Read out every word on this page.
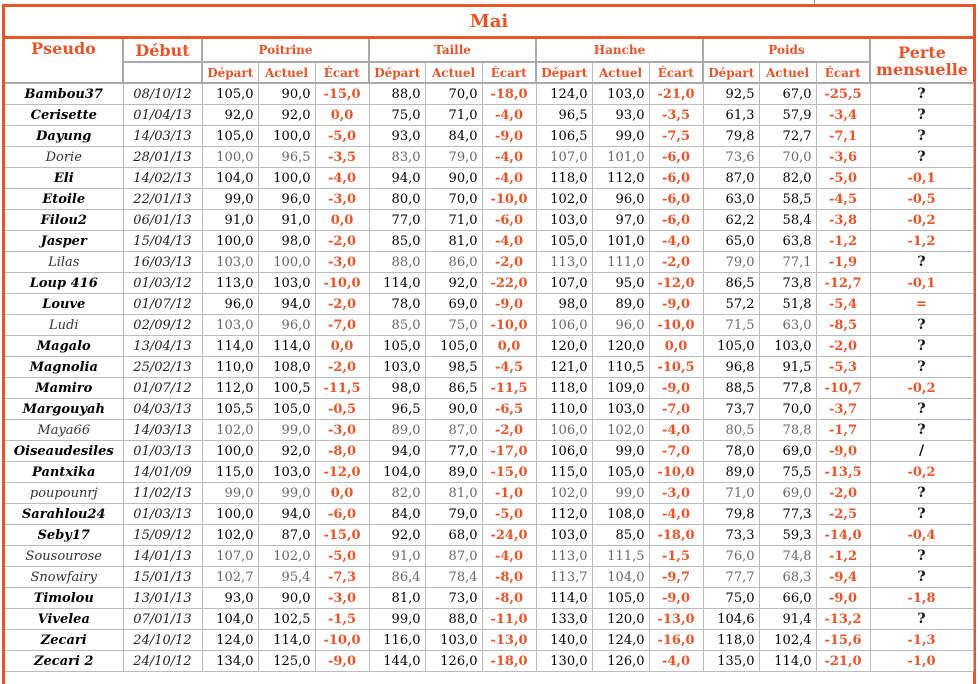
Mai														
Pseudo	Début	Poitrine			Taille			Hanche			Poids			Perte
mensuelle

		Départ	Actuel	Écart	Départ	Actuel	Écart	Départ	Actuel	Écart	Départ	Actuel	Écart	
Bambou37	08/10/12	105,0	90,0	-15,0	88,0	70,0	-18,0	124,0	103,0	-21,0	92,5	67,0	-25,5	?
Cerisette	01/04/13	92,0	92,0	0,0	75,0	71,0	-4,0	96,5	93,0	-3,5	61,3	57,9	-3,4	?
Dayung	14/03/13	105,0	100,0	-5,0	93,0	84,0	-9,0	106,5	99,0	-7,5	79,8	72,7	-7,1	?
Dorie	28/01/13	100,0	96,5	-3,5	83,0	79,0	-4,0	107,0	101,0	-6,0	73,6	70,0	-3,6	?
Eli	14/02/13	104,0	100,0	-4,0	94,0	90,0	-4,0	118,0	112,0	-6,0	87,0	82,0	-5,0	-0,1
Etoile	22/01/13	99,0	96,0	-3,0	80,0	70,0	-10,0	102,0	96,0	-6,0	63,0	58,5	-4,5	-0,5
Filou2	06/01/13	91,0	91,0	0,0	77,0	71,0	-6,0	103,0	97,0	-6,0	62,2	58,4	-3,8	-0,2
Jasper	15/04/13	100,0	98,0	-2,0	85,0	81,0	-4,0	105,0	101,0	-4,0	65,0	63,8	-1,2	-1,2
Lilas	16/03/13	103,0	100,0	-3,0	88,0	86,0	-2,0	113,0	111,0	-2,0	79,0	77,1	-1,9	?
Loup 416	01/03/12	113,0	103,0	-10,0	114,0	92,0	-22,0	107,0	95,0	-12,0	86,5	73,8	-12,7	-0,1
Louve	01/07/12	96,0	94,0	-2,0	78,0	69,0	-9,0	98,0	89,0	-9,0	57,2	51,8	-5,4	=
Ludi	02/09/12	103,0	96,0	-7,0	85,0	75,0	-10,0	106,0	96,0	-10,0	71,5	63,0	-8,5	?
Magalo	13/04/13	114,0	114,0	0,0	105,0	105,0	0,0	120,0	120,0	0,0	105,0	103,0	-2,0	?
Magnolia	25/02/13	110,0	108,0	-2,0	103,0	98,5	-4,5	121,0	110,5	-10,5	96,8	91,5	-5,3	?
Mamiro	01/07/12	112,0	100,5	-11,5	98,0	86,5	-11,5	118,0	109,0	-9,0	88,5	77,8	-10,7	-0,2
Margouyah	04/03/13	105,5	105,0	-0,5	96,5	90,0	-6,5	110,0	103,0	-7,0	73,7	70,0	-3,7	?
Maya66	14/03/13	102,0	99,0	-3,0	89,0	87,0	-2,0	106,0	102,0	-4,0	80,5	78,8	-1,7	?
Oiseaudesiles	01/03/13	100,0	92,0	-8,0	94,0	77,0	-17,0	106,0	99,0	-7,0	78,0	69,0	-9,0	/
Pantxika	14/01/09	115,0	103,0	-12,0	104,0	89,0	-15,0	115,0	105,0	-10,0	89,0	75,5	-13,5	-0,2
poupounrj	11/02/13	99,0	99,0	0,0	82,0	81,0	-1,0	102,0	99,0	-3,0	71,0	69,0	-2,0	?
Sarahlou24	01/03/13	100,0	94,0	-6,0	84,0	79,0	-5,0	112,0	108,0	-4,0	79,8	77,3	-2,5	?
Seby17	15/09/12	102,0	87,0	-15,0	92,0	68,0	-24,0	103,0	85,0	-18,0	73,3	59,3	-14,0	-0,4
Sousourose	14/01/13	107,0	102,0	-5,0	91,0	87,0	-4,0	113,0	111,5	-1,5	76,0	74,8	-1,2	?
Snowfairy	15/01/13	102,7	95,4	-7,3	86,4	78,4	-8,0	113,7	104,0	-9,7	77,7	68,3	-9,4	?
Timolou	13/01/13	93,0	90,0	-3,0	81,0	73,0	-8,0	114,0	105,0	-9,0	75,0	66,0	-9,0	-1,8
Vivelea	07/01/13	104,0	102,5	-1,5	99,0	88,0	-11,0	133,0	120,0	-13,0	104,6	91,4	-13,2	?
Zecari	24/10/12	124,0	114,0	-10,0	116,0	103,0	-13,0	140,0	124,0	-16,0	118,0	102,4	-15,6	-1,3
Zecari 2	24/10/12	134,0	125,0	-9,0	144,0	126,0	-18,0	130,0	126,0	-4,0	135,0	114,0	-21,0	-1,0
